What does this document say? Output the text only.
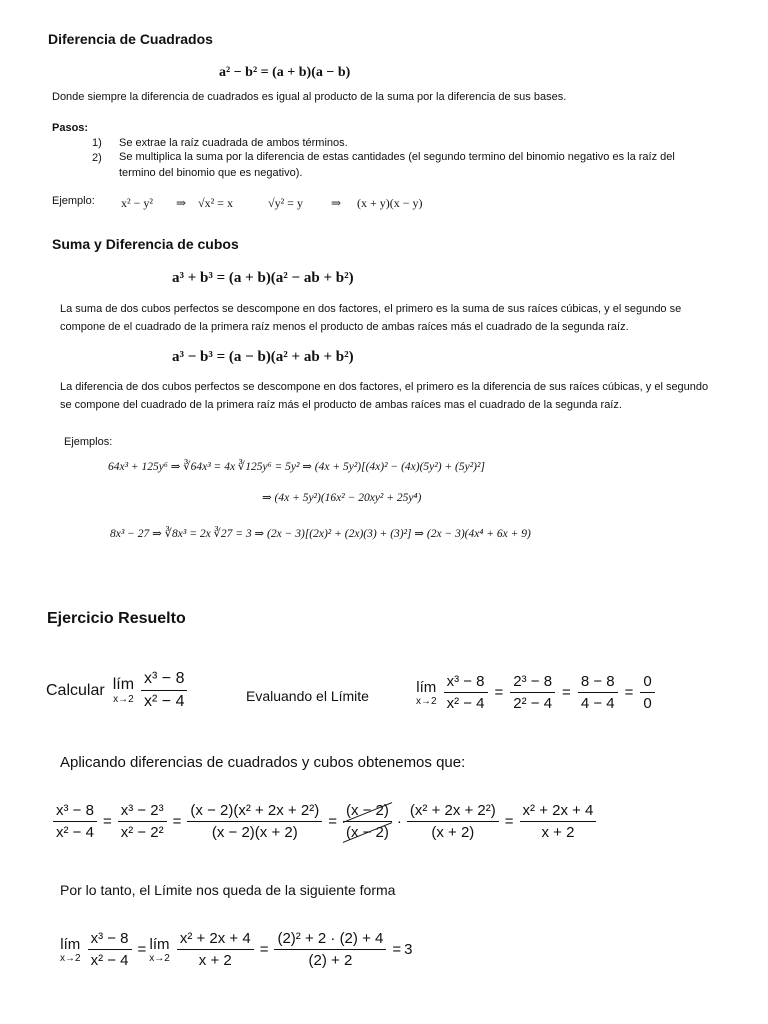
Diferencia de Cuadrados
a² − b² = (a + b)(a − b)
Donde siempre la diferencia de cuadrados es igual al producto de la suma por la diferencia de sus bases.
Pasos:
1) Se extrae la raíz cuadrada de ambos términos.
2) Se multiplica la suma por la diferencia de estas cantidades (el segundo termino del binomio negativo es la raíz del termino del binomio que es negativo).
Ejemplo: x² − y² ⇒ √x² = x	√y² = y ⇒ (x + y)(x − y)
Suma y Diferencia de cubos
a³ + b³ = (a + b)(a² − ab + b²)
La suma de dos cubos perfectos se descompone en dos factores, el primero es la suma de sus raíces cúbicas, y el segundo se compone de el cuadrado de la primera raíz menos el producto de ambas raíces más el cuadrado de la segunda raíz.
a³ − b³ = (a − b)(a² + ab + b²)
La diferencia de dos cubos perfectos se descompone en dos factores, el primero es la diferencia de sus raíces cúbicas, y el segundo se compone del cuadrado de la primera raíz más el producto de ambas raíces mas el cuadrado de la segunda raíz.
Ejemplos:
64x³ + 125y⁶ ⇒ ∛64x³ = 4x ∛125y⁶ = 5y² ⇒ (4x + 5y²)[(4x)² − (4x)(5y²) + (5y²)²]
⇒ (4x + 5y²)(16x² − 20xy² + 25y⁴)
8x³ − 27 ⇒ ∛8x³ = 2x ∛27 = 3 ⇒ (2x − 3)[(2x)² + (2x)(3) + (3)²] ⇒ (2x − 3)(4x⁴ + 6x + 9)
Ejercicio Resuelto
Calcular lím
$x\to 2 \frac{\text{x³ − 8}}{\text{x² − 4}}$	Evaluando el Límite
lím
$x\to 2 \frac{\text{x³ − 8}}{\text{x² − 4}} = \frac{\text{2³ − 8}}{\text{2² − 4}} = \frac{8 - 8}{4 - 4} = \frac{0}{0}$
Aplicando diferencias de cuadrados y cubos obtenemos que:
$\frac{\text{x³ − 8}}{\text{x² − 4}} = \frac{\text{x³ − 2³}}{\text{x² − 2²}} = \frac{\text{(x − 2)(x² + 2x + 2²)}}{(x - 2)(x + 2)} = \frac{(x - 2)}{(x - 2)} \cdot \frac{\text{(x² + 2x + 2²)}}{(x + 2)} = \frac{\text{x² + 2x + 4}}{x + 2}$
Por lo tanto, el Límite nos queda de la siguiente forma
lím
$x\to 2 \frac{\text{x³ − 8}}{\text{x² − 4}}$ = lím
$x\to 2 \frac{\text{x² + 2x + 4}}{x + 2} = \frac{\text{(2)² + 2 · (2) + 4}}{(2) + 2} = 3$
